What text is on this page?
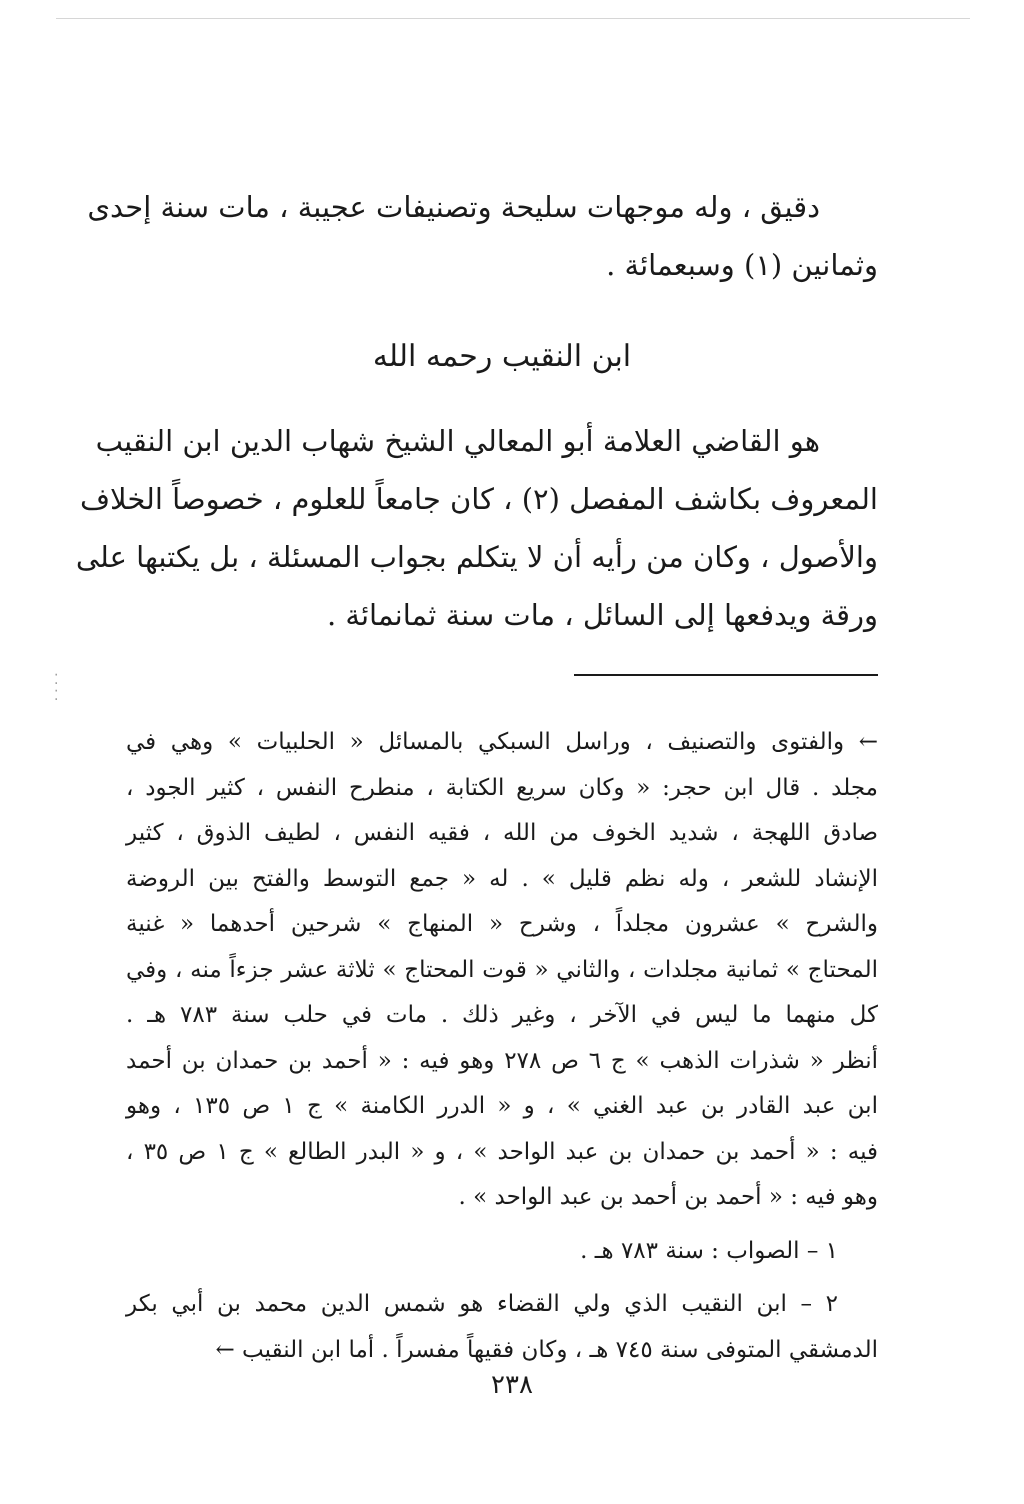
⁚
⁚
دقيق ، وله موجهات سليحة وتصنيفات عجيبة ، مات سنة إحدى
وثمانين (١) وسبعمائة .
ابن النقيب رحمه الله
هو القاضي العلامة أبو المعالي الشيخ شهاب الدين ابن النقيب
المعروف بكاشف المفصل (٢) ، كان جامعاً للعلوم ، خصوصاً الخلاف
والأصول ، وكان من رأيه أن لا يتكلم بجواب المسئلة ، بل يكتبها على
ورقة ويدفعها إلى السائل ، مات سنة ثمانمائة .
← والفتوى والتصنيف ، وراسل السبكي بالمسائل « الحلبيات » وهي في
مجلد . قال ابن حجر: « وكان سريع الكتابة ، منطرح النفس ، كثير الجود ،
صادق اللهجة ، شديد الخوف من الله ، فقيه النفس ، لطيف الذوق ، كثير
الإنشاد للشعر ، وله نظم قليل » . له « جمع التوسط والفتح بين الروضة
والشرح » عشرون مجلداً ، وشرح « المنهاج » شرحين أحدهما « غنية
المحتاج » ثمانية مجلدات ، والثاني « قوت المحتاج » ثلاثة عشر جزءاً منه ، وفي
كل منهما ما ليس في الآخر ، وغير ذلك . مات في حلب سنة ٧٨٣ هـ .
أنظر « شذرات الذهب » ج ٦ ص ٢٧٨ وهو فيه : « أحمد بن حمدان بن أحمد
ابن عبد القادر بن عبد الغني » ، و « الدرر الكامنة » ج ١ ص ١٣٥ ، وهو
فيه : « أحمد بن حمدان بن عبد الواحد » ، و « البدر الطالع » ج ١ ص ٣٥ ،
وهو فيه : « أحمد بن أحمد بن عبد الواحد » .
١ – الصواب : سنة ٧٨٣ هـ .
٢ – ابن النقيب الذي ولي القضاء هو شمس الدين محمد بن أبي بكر
الدمشقي المتوفى سنة ٧٤٥ هـ ، وكان فقيهاً مفسراً . أما ابن النقيب ←
٢٣٨
